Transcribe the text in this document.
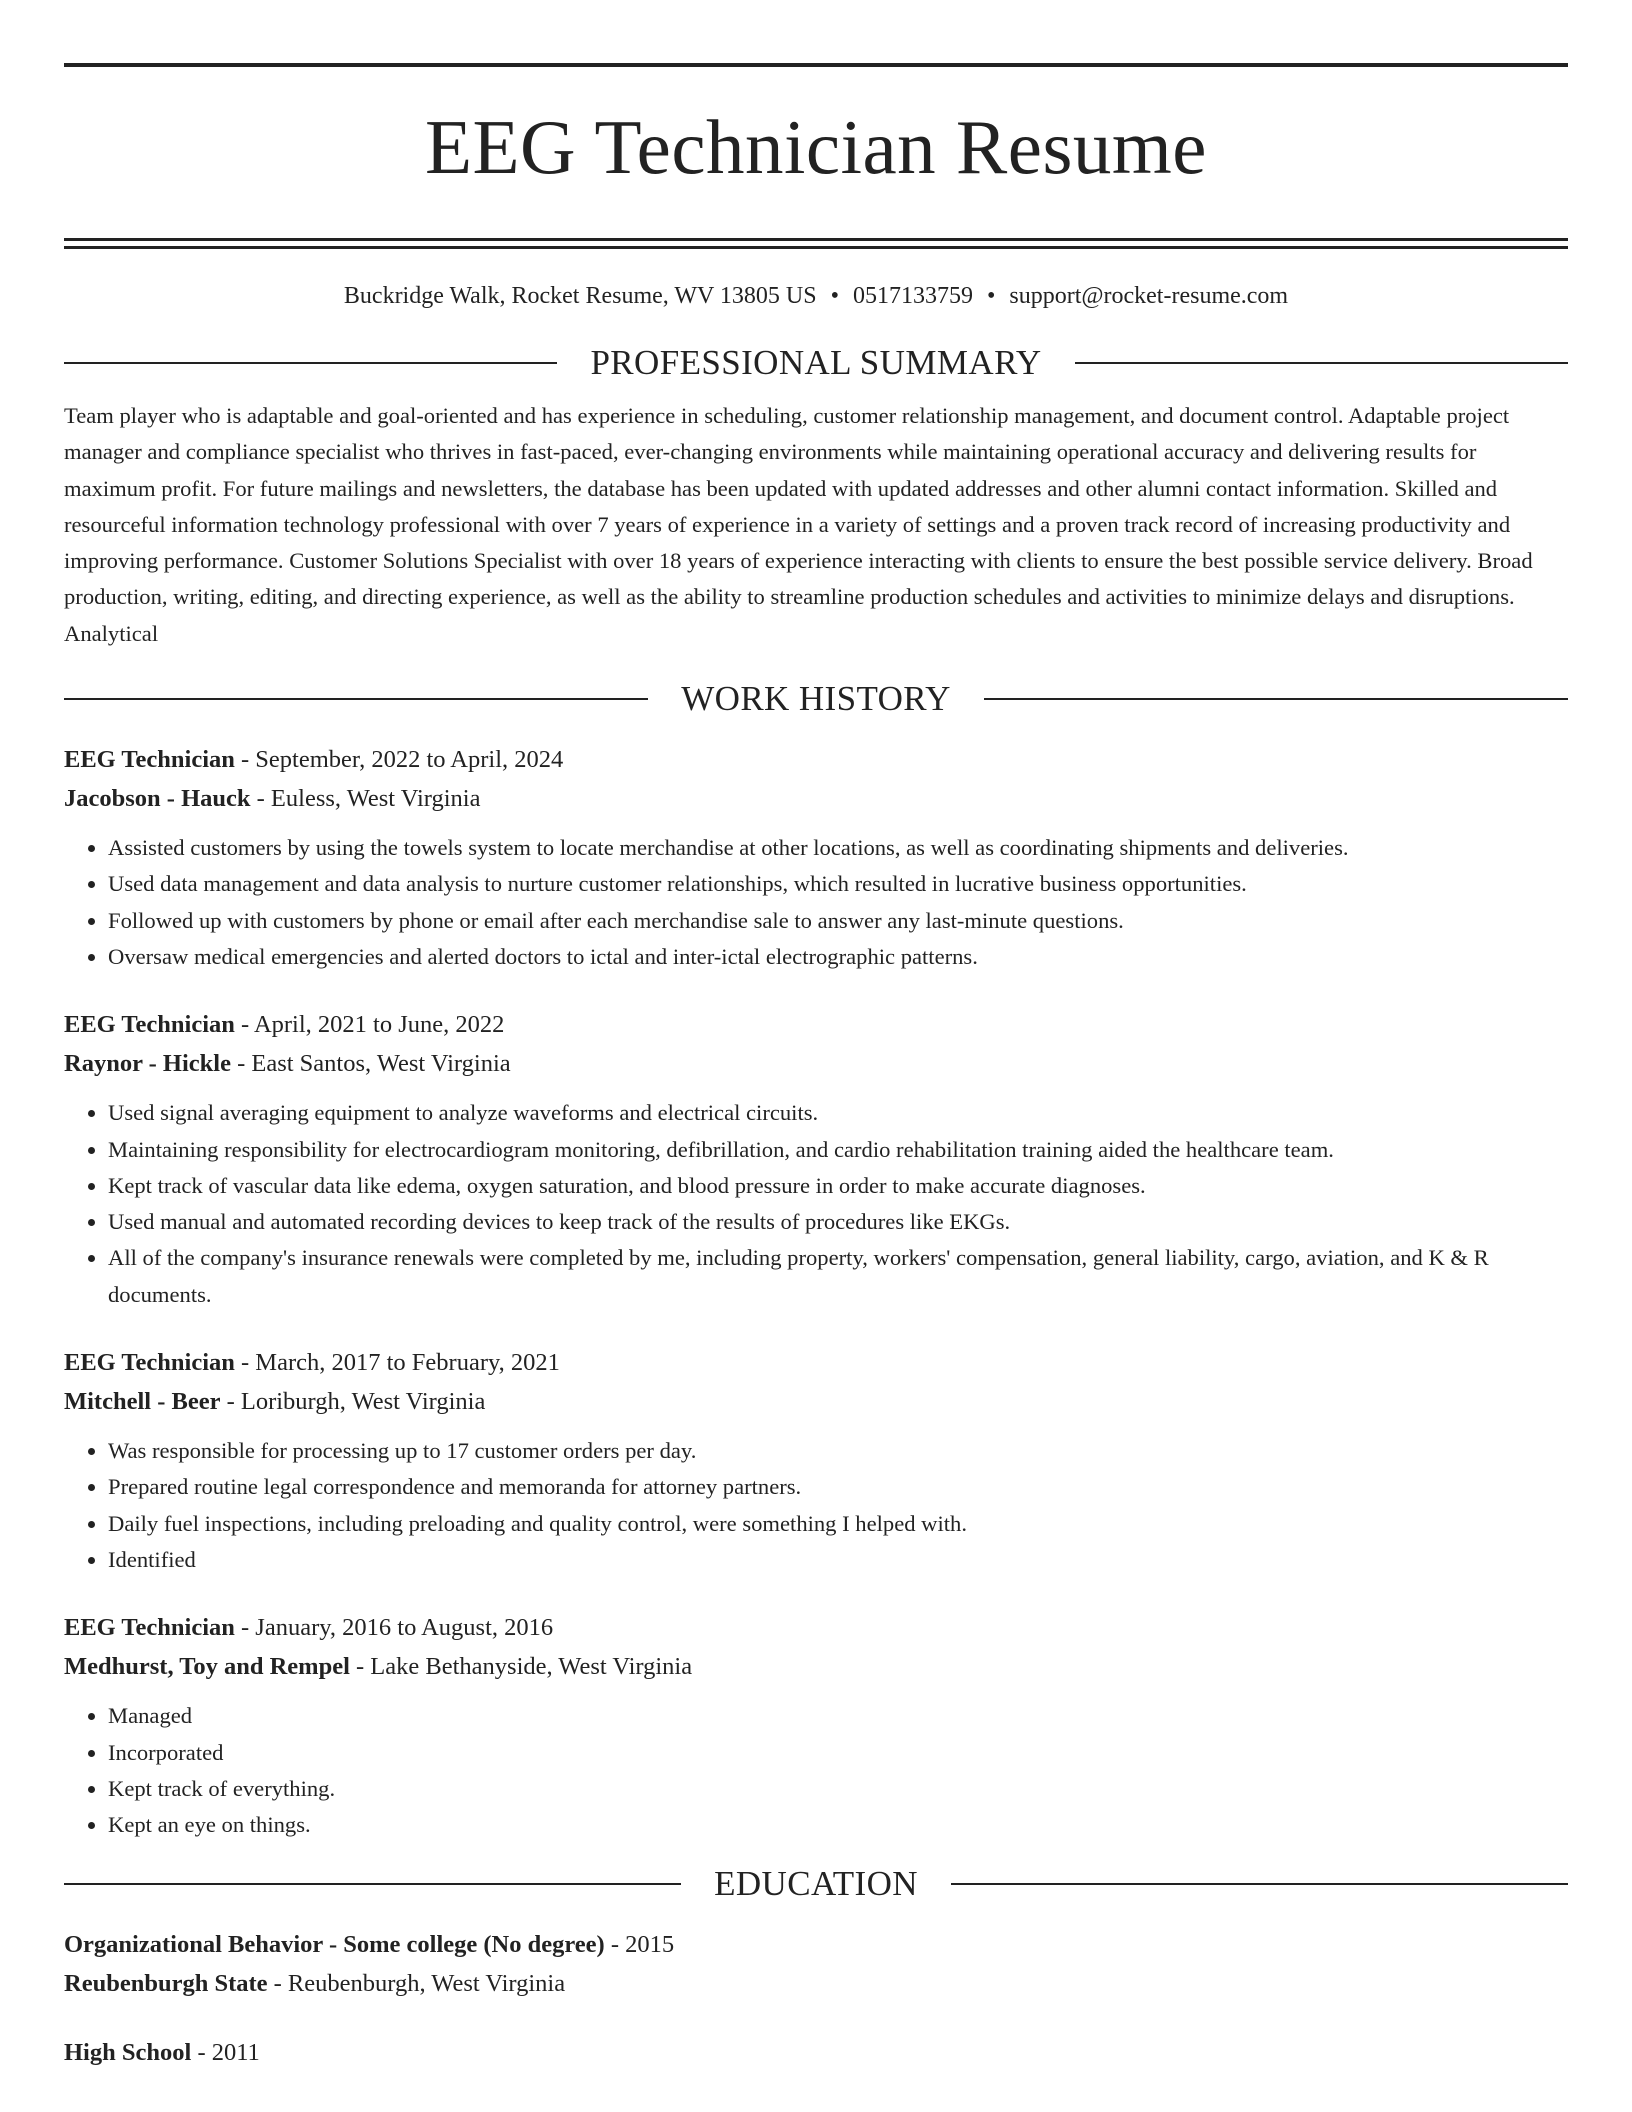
EEG Technician Resume
Buckridge Walk, Rocket Resume, WV 13805 US • 0517133759 • support@rocket-resume.com
PROFESSIONAL SUMMARY
Team player who is adaptable and goal-oriented and has experience in scheduling, customer relationship management, and document control. Adaptable project manager and compliance specialist who thrives in fast-paced, ever-changing environments while maintaining operational accuracy and delivering results for maximum profit. For future mailings and newsletters, the database has been updated with updated addresses and other alumni contact information. Skilled and resourceful information technology professional with over 7 years of experience in a variety of settings and a proven track record of increasing productivity and improving performance. Customer Solutions Specialist with over 18 years of experience interacting with clients to ensure the best possible service delivery. Broad production, writing, editing, and directing experience, as well as the ability to streamline production schedules and activities to minimize delays and disruptions. Analytical
WORK HISTORY
EEG Technician - September, 2022 to April, 2024
Jacobson - Hauck - Euless, West Virginia
• Assisted customers by using the towels system to locate merchandise at other locations, as well as coordinating shipments and deliveries.
• Used data management and data analysis to nurture customer relationships, which resulted in lucrative business opportunities.
• Followed up with customers by phone or email after each merchandise sale to answer any last-minute questions.
• Oversaw medical emergencies and alerted doctors to ictal and inter-ictal electrographic patterns.
EEG Technician - April, 2021 to June, 2022
Raynor - Hickle - East Santos, West Virginia
• Used signal averaging equipment to analyze waveforms and electrical circuits.
• Maintaining responsibility for electrocardiogram monitoring, defibrillation, and cardio rehabilitation training aided the healthcare team.
• Kept track of vascular data like edema, oxygen saturation, and blood pressure in order to make accurate diagnoses.
• Used manual and automated recording devices to keep track of the results of procedures like EKGs.
• All of the company's insurance renewals were completed by me, including property, workers' compensation, general liability, cargo, aviation, and K & R documents.
EEG Technician - March, 2017 to February, 2021
Mitchell - Beer - Loriburgh, West Virginia
• Was responsible for processing up to 17 customer orders per day.
• Prepared routine legal correspondence and memoranda for attorney partners.
• Daily fuel inspections, including preloading and quality control, were something I helped with.
• Identified
EEG Technician - January, 2016 to August, 2016
Medhurst, Toy and Rempel - Lake Bethanyside, West Virginia
• Managed
• Incorporated
• Kept track of everything.
• Kept an eye on things.
EDUCATION
Organizational Behavior - Some college (No degree) - 2015
Reubenburgh State - Reubenburgh, West Virginia
High School - 2011
